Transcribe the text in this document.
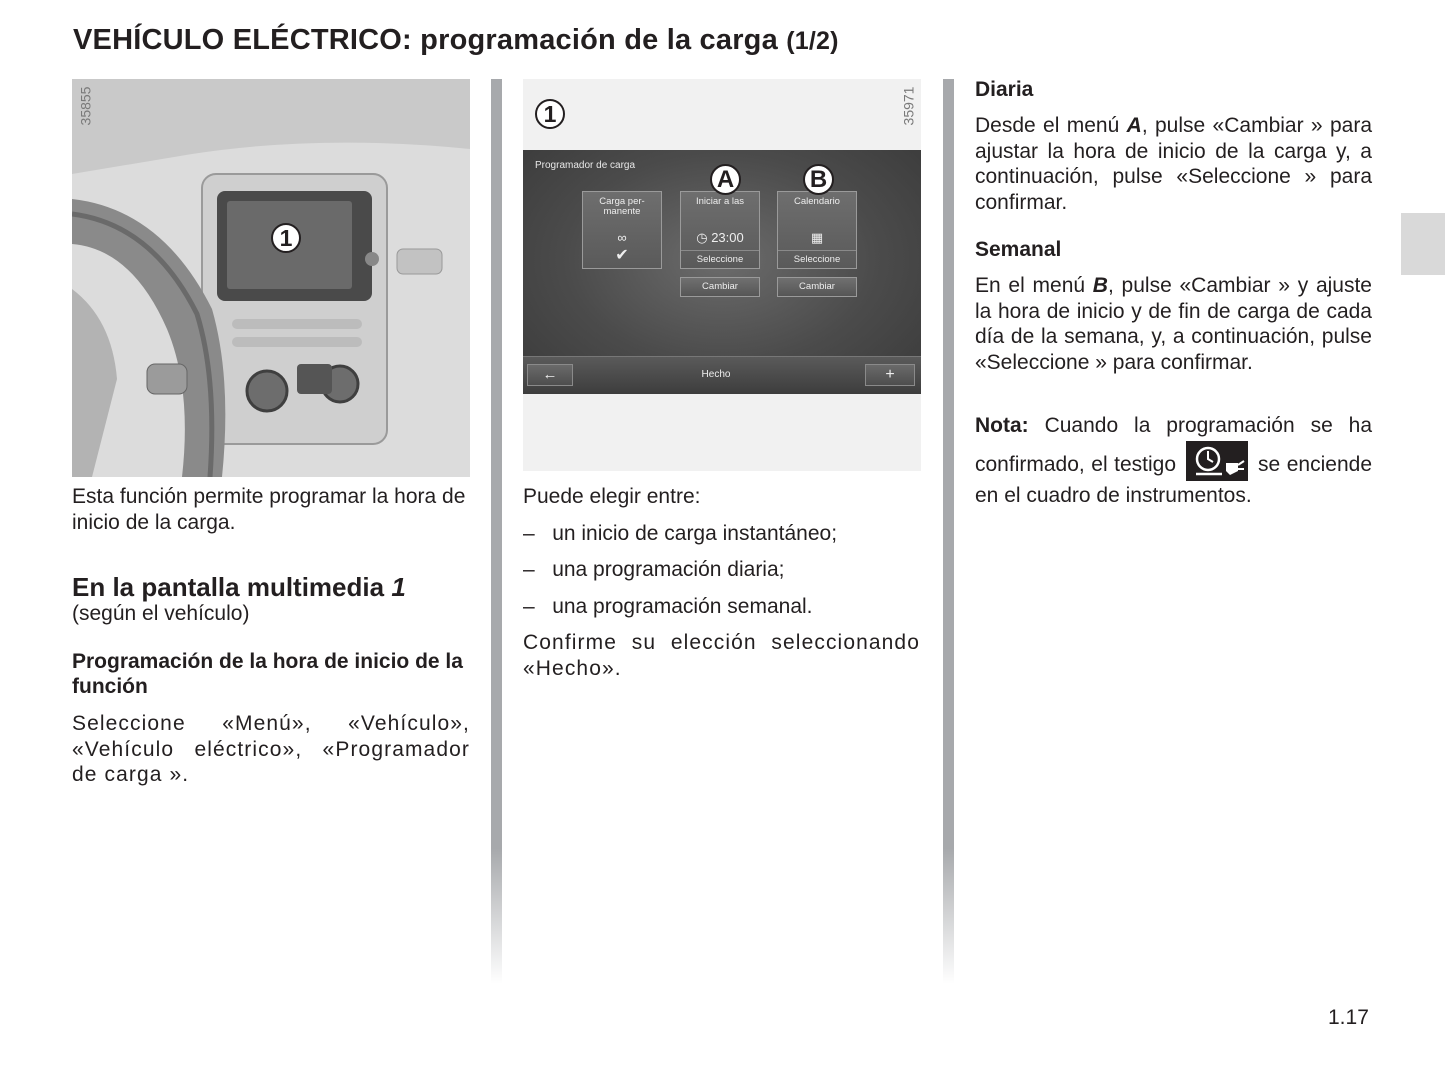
VEHÍCULO ELÉCTRICO: programación de la carga (1/2)
35855
1

Esta función permite programar la hora de inicio de la carga.

En la pantalla multimedia 1
(según el vehículo)
Programación de la hora de inicio de la función

Seleccione «Menú», «Vehículo», «Vehículo eléctrico», «Programador de carga ».

1	35971
Programador de carga
Carga per-manente
∞
✔
Iniciar a las
◷ 23:00
Seleccione
Calendario
▦
Seleccione
A	B
Cambiar	Cambiar
←	Hecho	+

Puede elegir entre:

–   un inicio de carga instantáneo;
–   una programación diaria;
–   una programación semanal.

Confirme su elección seleccionando «Hecho».

Diaria

Desde el menú A, pulse «Cambiar » para ajustar la hora de inicio de la carga y, a continuación, pulse «Seleccione » para confirmar.

Semanal

En el menú B, pulse «Cambiar » y ajuste la hora de inicio y de fin de carga de cada día de la semana, y, a continuación, pulse «Seleccione » para confirmar.

Nota: Cuando la programación se ha confirmado, el testigo	se enciende en el cuadro de instrumentos.

1.17
